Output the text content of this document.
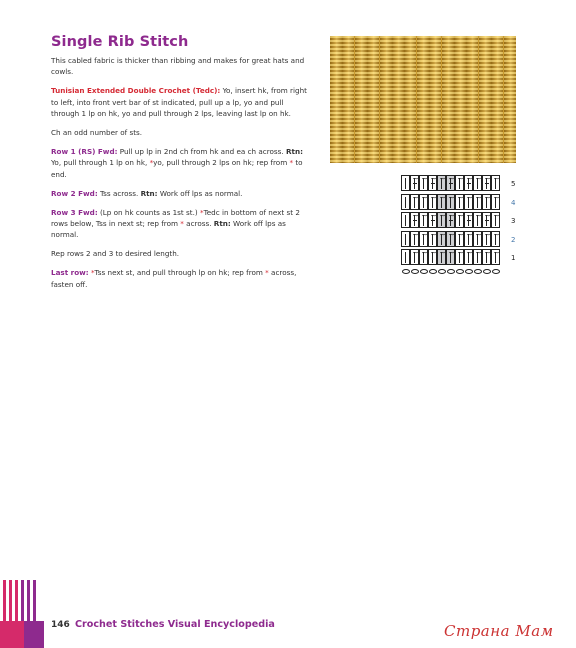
Single Rib Stitch

This cabled fabric is thicker than ribbing and makes for great hats and cowls.

Tunisian Extended Double Crochet (Tedc): Yo, insert hk, from right to left, into front vert bar of st indicated, pull up a lp, yo and pull through 1 lp on hk, yo and pull through 2 lps, leaving last lp on hk.

Ch an odd number of sts.

Row 1 (RS) Fwd: Pull up lp in 2nd ch from hk and ea ch across. Rtn: Yo, pull through 1 lp on hk, *yo, pull through 2 lps on hk; rep from * to end.

Row 2 Fwd: Tss across. Rtn: Work off lps as normal.

Row 3 Fwd: (Lp on hk counts as 1st st.) *Tedc in bottom of next st 2 rows below, Tss in next st; rep from * across. Rtn: Work off lps as normal.

Rep rows 2 and 3 to desired length.

Last row: *Tss next st, and pull through lp on hk; rep from * across, fasten off.

~ ~ ~ ~ ~ ~ ~ ~ ~ ~
5
~ ~ ~ ~ ~ ~ ~ ~ ~ ~
4
~ ~ ~ ~ ~ ~ ~ ~ ~ ~
3
~ ~ ~ ~ ~ ~ ~ ~ ~ ~
2
~ ~ ~ ~ ~ ~ ~ ~ ~ ~
1
146 Crochet Stitches Visual Encyclopedia	Страна Мам
